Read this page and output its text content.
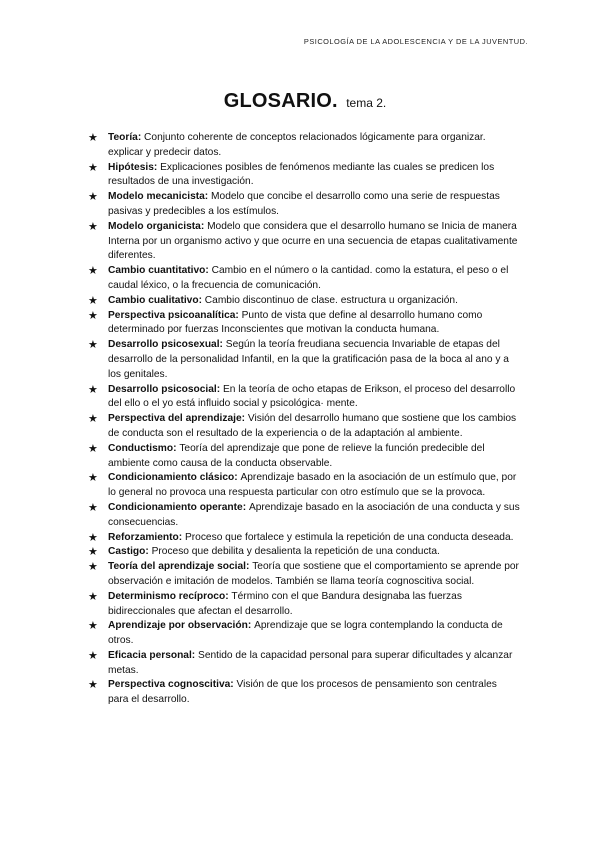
PSICOLOGÍA DE LA ADOLESCENCIA Y DE LA JUVENTUD.
GLOSARIO. tema 2.
★ Teoría: Conjunto coherente de conceptos relacionados lógicamente para organizar. explicar y predecir datos.
★ Hipótesis: Explicaciones posibles de fenómenos mediante las cuales se predicen los resultados de una investigación.
★ Modelo mecanicista: Modelo que concibe el desarrollo como una serie de respuestas pasivas y predecibles a los estímulos.
★ Modelo organicista: Modelo que considera que el desarrollo humano se Inicia de manera Interna por un organismo activo y que ocurre en una secuencia de etapas cualitativamente diferentes.
★ Cambio cuantitativo: Cambio en el número o la cantidad. como la estatura, el peso o el caudal léxico, o la frecuencia de comunicación.
★ Cambio cualitativo: Cambio discontinuo de clase. estructura u organización.
★ Perspectiva psicoanalítica: Punto de vista que define al desarrollo humano como determinado por fuerzas Inconscientes que motivan la conducta humana.
★ Desarrollo psicosexual: Según la teoría freudiana secuencia Invariable de etapas del desarrollo de la personalidad Infantil, en la que la gratificación pasa de la boca al ano y a los genitales.
★ Desarrollo psicosocial: En la teoría de ocho etapas de Erikson, el proceso del desarrollo del ello o el yo está influido social y psicológica· mente.
★ Perspectiva del aprendizaje: Visión del desarrollo humano que sostiene que los cambios de conducta son el resultado de la experiencia o de la adaptación al ambiente.
★ Conductismo: Teoría del aprendizaje que pone de relieve la función predecible del ambiente como causa de la conducta observable.
★ Condicionamiento clásico: Aprendizaje basado en la asociación de un estímulo que, por lo general no provoca una respuesta particular con otro estímulo que se la provoca.
★ Condicionamiento operante: Aprendizaje basado en la asociación de una conducta y sus consecuencias.
★ Reforzamiento: Proceso que fortalece y estimula la repetición de una conducta deseada.
★ Castigo: Proceso que debilita y desalienta la repetición de una conducta.
★ Teoría del aprendizaje social: Teoría que sostiene que el comportamiento se aprende por observación e imitación de modelos. También se llama teoría cognoscitiva social.
★ Determinismo recíproco: Término con el que Bandura designaba las fuerzas bidireccionales que afectan el desarrollo.
★ Aprendizaje por observación: Aprendizaje que se logra contemplando la conducta de otros.
★ Eficacia personal: Sentido de la capacidad personal para superar dificultades y alcanzar metas.
★ Perspectiva cognoscitiva: Visión de que los procesos de pensamiento son centrales para el desarrollo.
